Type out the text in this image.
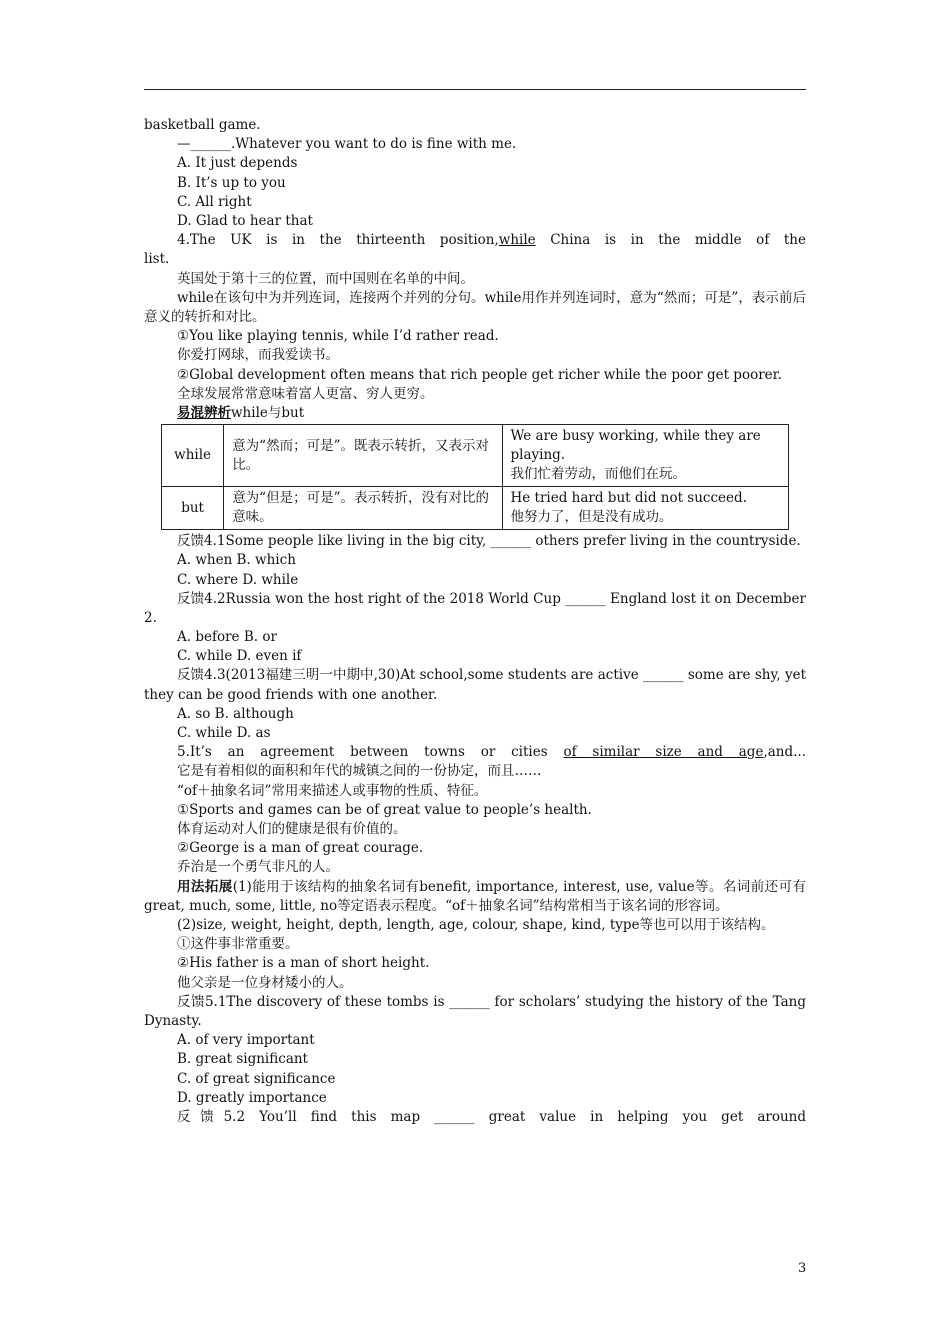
basketball game.
—______.Whatever you want to do is fine with me.
A. It just depends
B. It’s up to you
C. All right
D. Glad to hear that
4.The UK is in the thirteenth position,while China is in the middle of the
list.
英国处于第十三的位置，而中国则在名单的中间。
while在该句中为并列连词，连接两个并列的分句。while用作并列连词时，意为“然而；可是”，表示前后意义的转折和对比。
①You like playing tennis, while I’d rather read.
你爱打网球，而我爱读书。
②Global development often means that rich people get richer while the poor get poorer.
全球发展常常意味着富人更富、穷人更穷。
易混辨析while与but
while	意为“然而；可是”。既表示转折，又表示对比。	We are busy working, while they are playing.
我们忙着劳动，而他们在玩。

but	意为“但是；可是”。表示转折，没有对比的意味。	He tried hard but did not succeed.
他努力了，但是没有成功。
反馈4.1Some people like living in the big city, ______ others prefer living in the countryside.
A. when B. which
C. where D. while
反馈4.2Russia won the host right of the 2018 World Cup ______ England lost it on December 2.
A. before B. or
C. while D. even if
反馈4.3(2013福建三明一中期中,30)At school,some students are active ______ some are shy, yet they can be good friends with one another.
A. so B. although
C. while D. as
5.It’s an agreement between towns or cities of similar size and age,and...
它是有着相似的面积和年代的城镇之间的一份协定，而且……
“of＋抽象名词”常用来描述人或事物的性质、特征。
①Sports and games can be of great value to people’s health.
体育运动对人们的健康是很有价值的。
②George is a man of great courage.
乔治是一个勇气非凡的人。
用法拓展(1)能用于该结构的抽象名词有benefit, importance, interest, use, value等。名词前还可有great, much, some, little, no等定语表示程度。“of＋抽象名词”结构常相当于该名词的形容词。
(2)size, weight, height, depth, length, age, colour, shape, kind, type等也可以用于该结构。
①这件事非常重要。
②His father is a man of short height.
他父亲是一位身材矮小的人。
反馈5.1The discovery of these tombs is ______ for scholars’ studying the history of the Tang Dynasty.
A. of very important
B. great significant
C. of great significance
D. greatly importance
反馈5.2 You’ll find this map ______ great value in helping you get around
3
